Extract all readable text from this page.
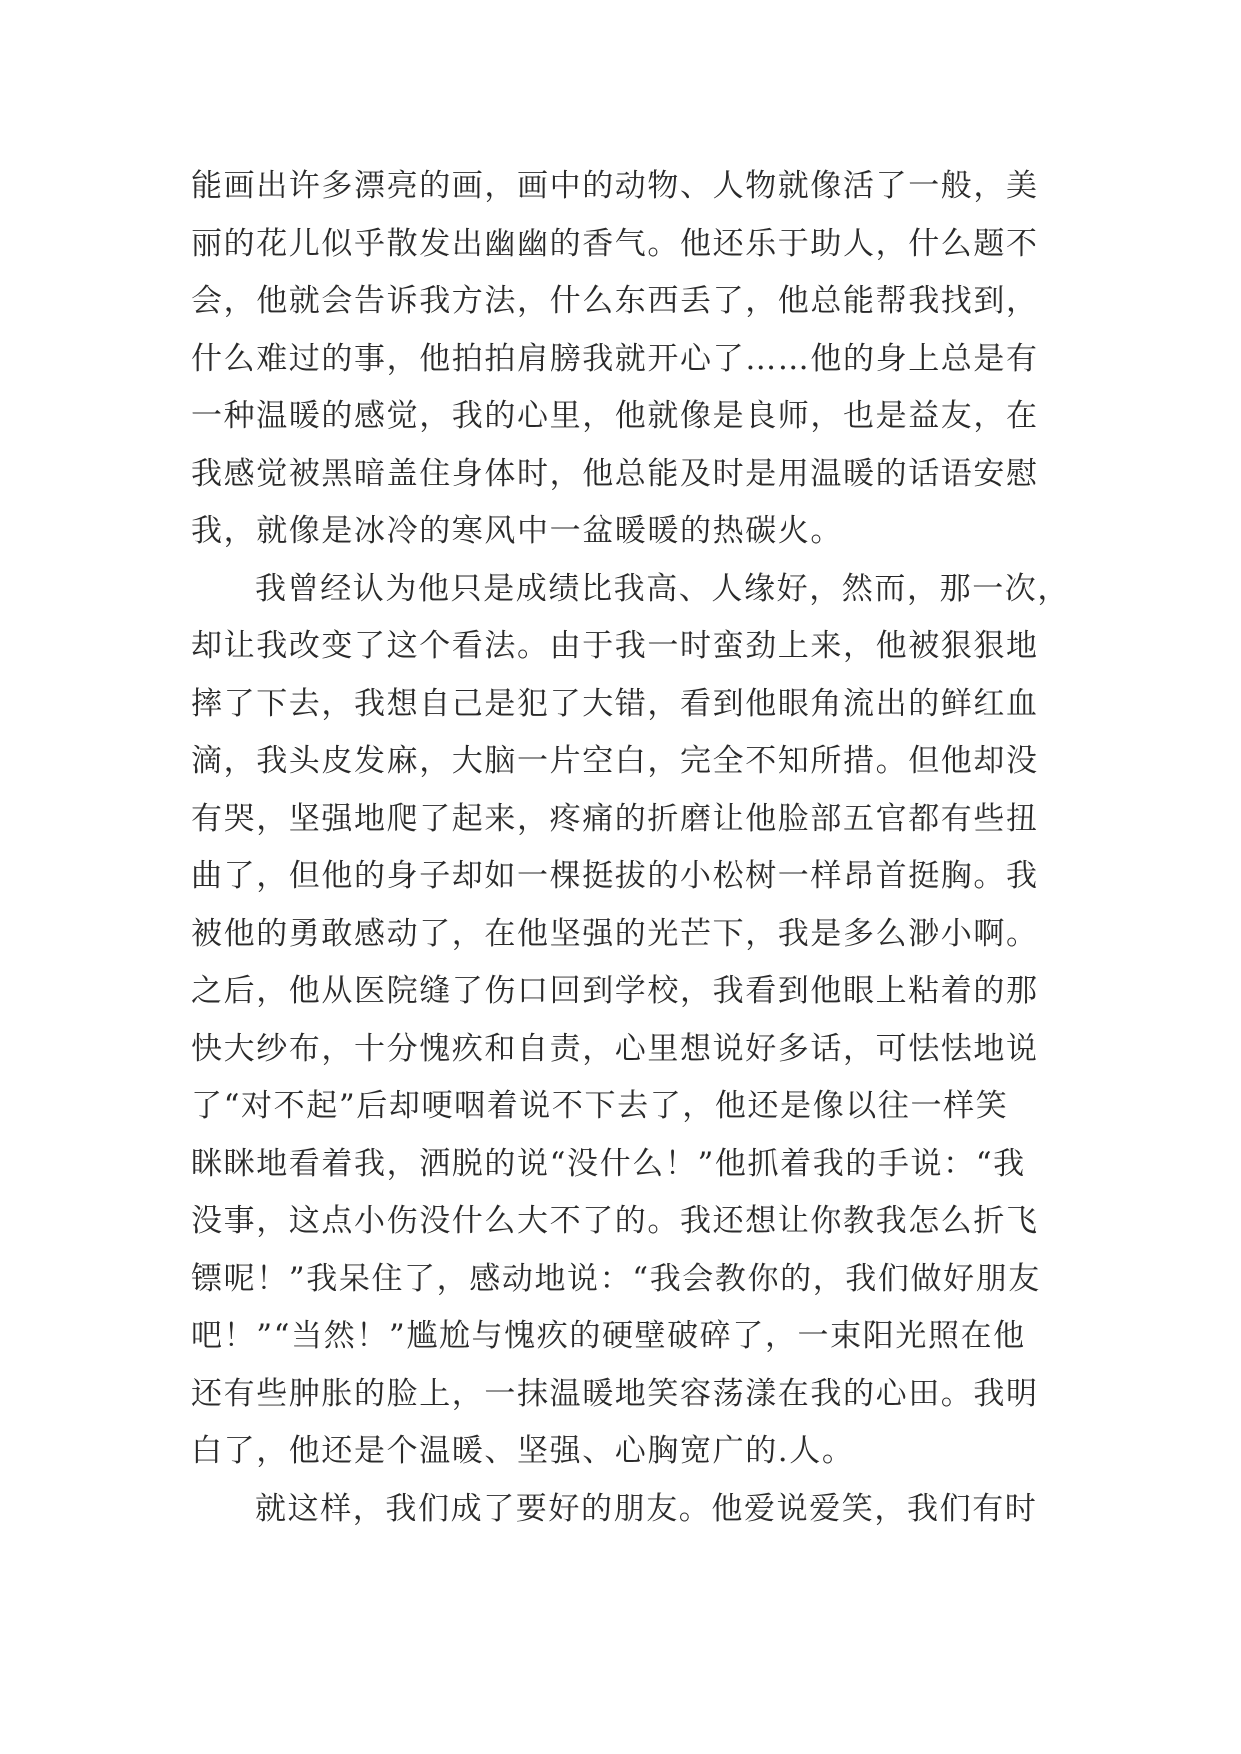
能画出许多漂亮的画，画中的动物、人物就像活了一般，美
丽的花儿似乎散发出幽幽的香气。他还乐于助人，什么题不
会，他就会告诉我方法，什么东西丢了，他总能帮我找到，
什么难过的事，他拍拍肩膀我就开心了……他的身上总是有
一种温暖的感觉，我的心里，他就像是良师，也是益友，在
我感觉被黑暗盖住身体时，他总能及时是用温暖的话语安慰
我，就像是冰冷的寒风中一盆暖暖的热碳火。
我曾经认为他只是成绩比我高、人缘好，然而，那一次，
却让我改变了这个看法。由于我一时蛮劲上来，他被狠狠地
摔了下去，我想自己是犯了大错，看到他眼角流出的鲜红血
滴，我头皮发麻，大脑一片空白，完全不知所措。但他却没
有哭，坚强地爬了起来，疼痛的折磨让他脸部五官都有些扭
曲了，但他的身子却如一棵挺拔的小松树一样昂首挺胸。我
被他的勇敢感动了，在他坚强的光芒下，我是多么渺小啊。
之后，他从医院缝了伤口回到学校，我看到他眼上粘着的那
快大纱布，十分愧疚和自责，心里想说好多话，可怯怯地说
了“对不起”后却哽咽着说不下去了，他还是像以往一样笑
眯眯地看着我，洒脱的说“没什么！”他抓着我的手说：“我
没事，这点小伤没什么大不了的。我还想让你教我怎么折飞
镖呢！”我呆住了，感动地说：“我会教你的，我们做好朋友
吧！”“当然！”尴尬与愧疚的硬壁破碎了，一束阳光照在他
还有些肿胀的脸上，一抹温暖地笑容荡漾在我的心田。我明
白了，他还是个温暖、坚强、心胸宽广的.人。
就这样，我们成了要好的朋友。他爱说爱笑，我们有时
